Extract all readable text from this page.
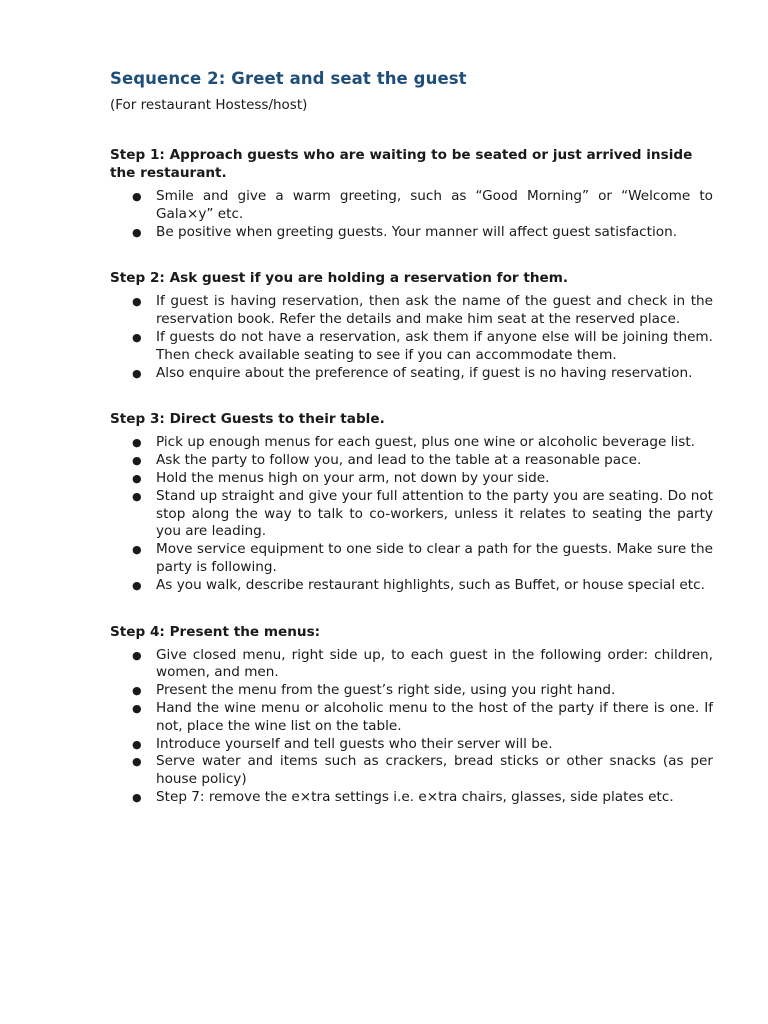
Sequence 2: Greet and seat the guest

(For restaurant Hostess/host)

Step 1: Approach guests who are waiting to be seated or just arrived inside the restaurant.
● Smile and give a warm greeting, such as “Good Morning” or “Welcome to Gala×y” etc.
● Be positive when greeting guests. Your manner will affect guest satisfaction.
Step 2: Ask guest if you are holding a reservation for them.
● If guest is having reservation, then ask the name of the guest and check in the reservation book. Refer the details and make him seat at the reserved place.
● If guests do not have a reservation, ask them if anyone else will be joining them. Then check available seating to see if you can accommodate them.
● Also enquire about the preference of seating, if guest is no having reservation.
Step 3: Direct Guests to their table.
● Pick up enough menus for each guest, plus one wine or alcoholic beverage list.
● Ask the party to follow you, and lead to the table at a reasonable pace.
● Hold the menus high on your arm, not down by your side.
● Stand up straight and give your full attention to the party you are seating. Do not stop along the way to talk to co-workers, unless it relates to seating the party you are leading.
● Move service equipment to one side to clear a path for the guests. Make sure the party is following.
● As you walk, describe restaurant highlights, such as Buffet, or house special etc.
Step 4: Present the menus:
● Give closed menu, right side up, to each guest in the following order: children, women, and men.
● Present the menu from the guest’s right side, using you right hand.
● Hand the wine menu or alcoholic menu to the host of the party if there is one. If not, place the wine list on the table.
● Introduce yourself and tell guests who their server will be.
● Serve water and items such as crackers, bread sticks or other snacks (as per house policy)
● Step 7: remove the e×tra settings i.e. e×tra chairs, glasses, side plates etc.
